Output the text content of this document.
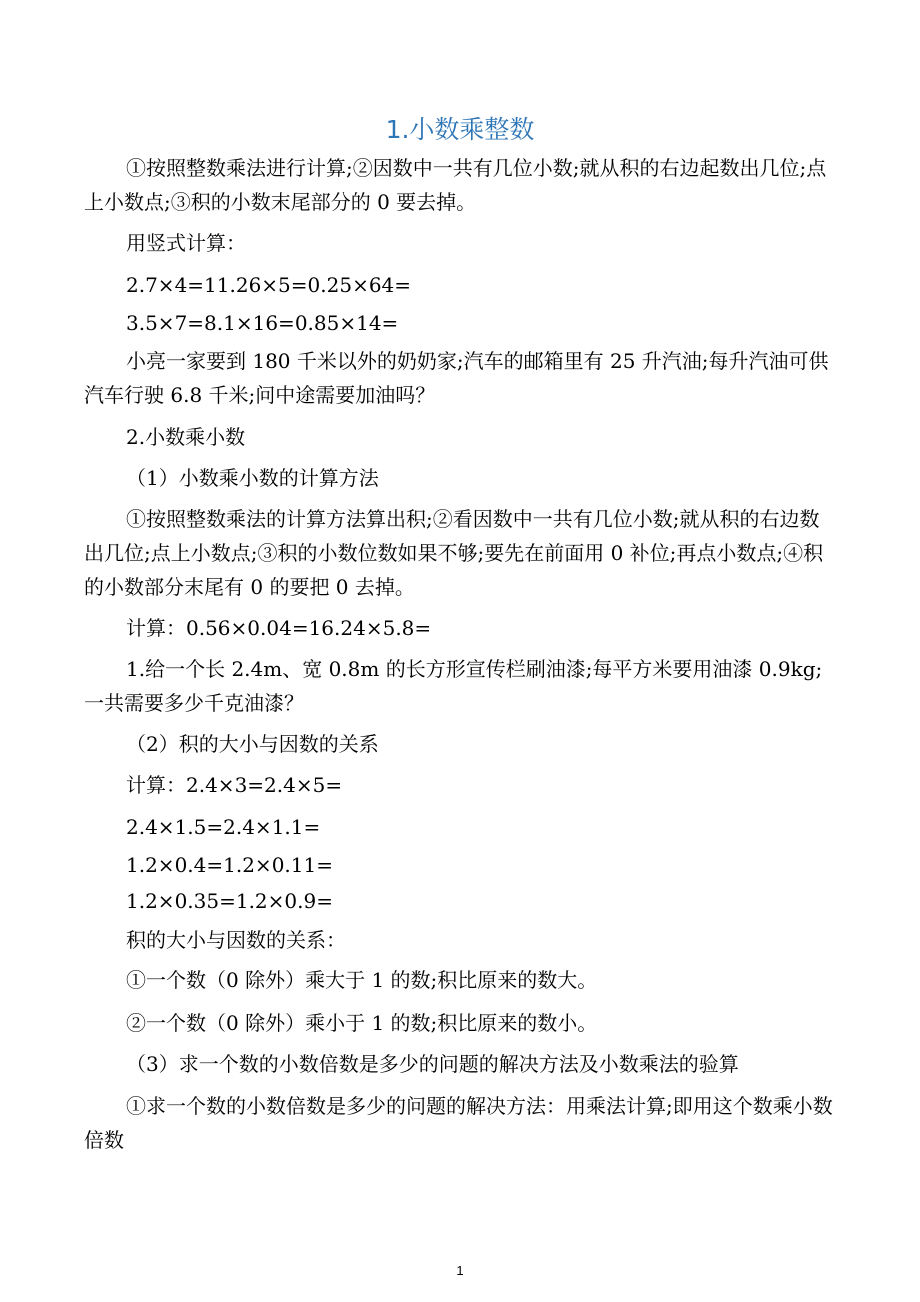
1.小数乘整数

①按照整数乘法进行计算;②因数中一共有几位小数;就从积的右边起数出几位;点上小数点;③积的小数末尾部分的 0 要去掉。

用竖式计算：

2.7×4=11.26×5=0.25×64=

3.5×7=8.1×16=0.85×14=

小亮一家要到 180 千米以外的奶奶家;汽车的邮箱里有 25 升汽油;每升汽油可供汽车行驶 6.8 千米;问中途需要加油吗？

2.小数乘小数

（1）小数乘小数的计算方法

①按照整数乘法的计算方法算出积;②看因数中一共有几位小数;就从积的右边数出几位;点上小数点;③积的小数位数如果不够;要先在前面用 0 补位;再点小数点;④积的小数部分末尾有 0 的要把 0 去掉。

计算：0.56×0.04=16.24×5.8=

1.给一个长 2.4m、宽 0.8m 的长方形宣传栏刷油漆;每平方米要用油漆 0.9kg;一共需要多少千克油漆？

（2）积的大小与因数的关系

计算：2.4×3=2.4×5=

2.4×1.5=2.4×1.1=

1.2×0.4=1.2×0.11=

1.2×0.35=1.2×0.9=

积的大小与因数的关系：

①一个数（0 除外）乘大于 1 的数;积比原来的数大。

②一个数（0 除外）乘小于 1 的数;积比原来的数小。

（3）求一个数的小数倍数是多少的问题的解决方法及小数乘法的验算

①求一个数的小数倍数是多少的问题的解决方法：用乘法计算;即用这个数乘小数倍数

1
